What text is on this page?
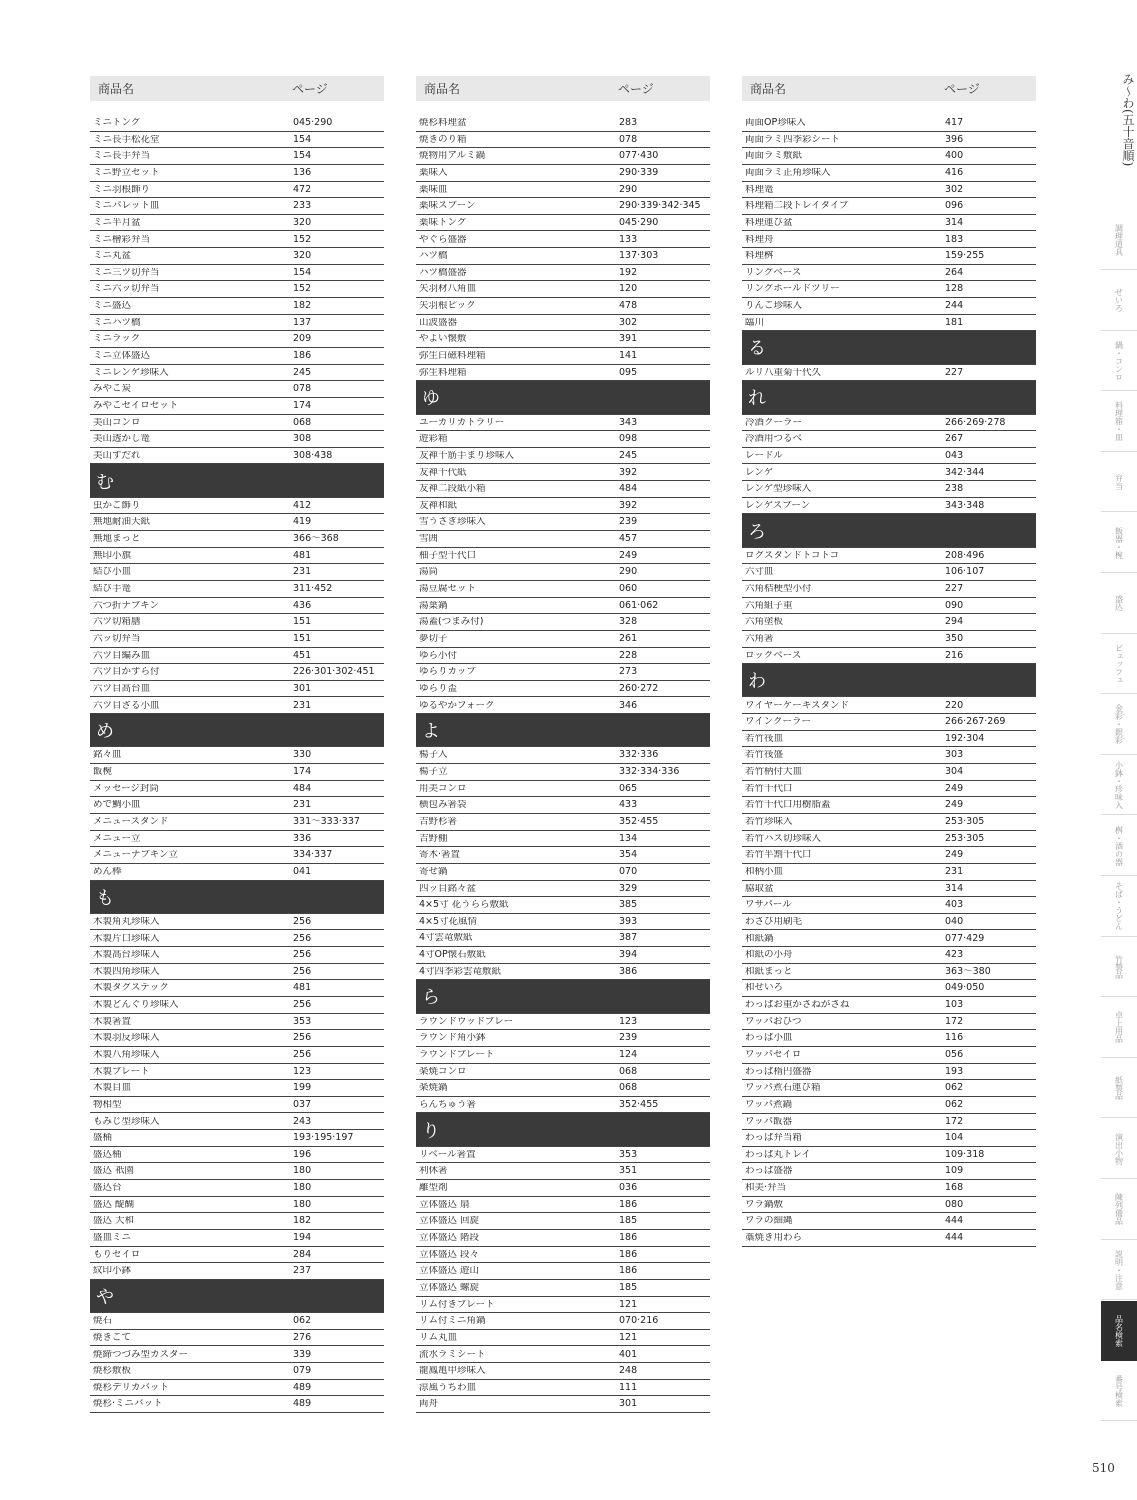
商品名	ページ
ミニトング	045·290
ミニ長手松花堂	154
ミニ長手弁当	154
ミニ野立セット	136
ミニ羽根飾り	472
ミニパレット皿	233
ミニ半月盆	320
ミニ檜彩弁当	152
ミニ丸盆	320
ミニ三ツ切弁当	154
ミニ六ッ切弁当	152
ミニ盛込	182
ミニハツ橋	137
ミニラック	209
ミニ立体盛込	186
ミニレンゲ珍味入	245
みやこ炭	078
みやこセイロセット	174
美山コンロ	068
美山透かし篭	308
美山すだれ	308·438
む
虫かご飾り	412
無地耐油天紙	419
無地まっと	366〜368
無印小旗	481
結び小皿	231
結び手篭	311·452
六つ折ナプキン	436
六ツ切箱膳	151
六ッ切弁当	151
六ツ目編み皿	451
六ツ目かずら付	226·301·302·451
六ツ目高台皿	301
六ツ目ざる小皿	231
め
銘々皿	330
飯椀	174
メッセージ封筒	484
めで鯛小皿	231
メニュースタンド	331〜333·337
メニュー立	336
メニューナプキン立	334·337
めん棒	041
も
木製角丸珍味入	256
木製片口珍味入	256
木製高台珍味入	256
木製四角珍味入	256
木製タグステック	481
木製どんぐり珍味入	256
木製箸置	353
木製羽反珍味入	256
木製八角珍味入	256
木製プレート	123
木製目皿	199
物相型	037
もみじ型珍味入	243
盛桶	193·195·197
盛込桶	196
盛込 祇園	180
盛込台	180
盛込 醍醐	180
盛込 大和	182
盛皿ミニ	194
もりセイロ	284
紋印小鉢	237
や
焼石	062
焼きごて	276
焼締つづみ型カスター	339
焼杉敷板	079
焼杉デリカバット	489
焼杉·ミニバット	489
商品名	ページ
焼杉料理盆	283
焼きのり箱	078
焼物用アルミ鍋	077·430
薬味入	290·339
薬味皿	290
薬味スプーン	290·339·342·345
薬味トング	045·290
やぐら盛器	133
ハツ橋	137·303
ハツ橋盛器	192
矢羽材八角皿	120
矢羽根ピック	478
山波盛器	302
やよい懐敷	391
弥生白磁料理箱	141
弥生料理箱	095
ゆ
ユーカリカトラリー	343
遊彩箱	098
友禅千筋手まり珍味入	245
友禅千代紙	392
友禅二段紙小箱	484
友禅和紙	392
雪うさぎ珍味入	239
雪囲	457
柚子型千代口	249
湯筒	290
湯豆腐セット	060
湯葉鍋	061·062
湯蓋(つまみ付)	328
夢切子	261
ゆら小付	228
ゆらりカップ	273
ゆらり盃	260·272
ゆるやかフォーク	346
よ
楊子入	332·336
楊子立	332·334·336
用美コンロ	065
横包み箸袋	433
吉野杉箸	352·455
吉野棚	134
寄木·箸置	354
寄せ鍋	070
四ッ目銘々盆	329
4×5寸 花うらら敷紙	385
4×5寸花風情	393
4寸雲竜敷紙	387
4寸OP懐石敷紙	394
4寸四季彩雲竜敷紙	386
ら
ラウンドウッドプレー	123
ラウンド角小鉢	239
ラウンドプレート	124
楽焼コンロ	068
楽焼鍋	068
らんちゅう箸	352·455
り
リベール箸置	353
利休箸	351
離型剤	036
立体盛込 扇	186
立体盛込 回旋	185
立体盛込 階段	186
立体盛込 段々	186
立体盛込 遊山	186
立体盛込 螺旋	185
リム付きプレート	121
リム付ミニ角鍋	070·216
リム丸皿	121
流水ラミシート	401
龍鳳亀甲珍味入	248
涼風うちわ皿	111
両舟	301
商品名	ページ
両面OP珍味入	417
両面ラミ四季彩シート	396
両面ラミ敷紙	400
両面ラミ正角珍味入	416
料理篭	302
料理箱二段トレイタイプ	096
料理運び盆	314
料理舟	183
料理桝	159·255
リングベース	264
リングホールドツリー	128
りんご珍味入	244
臨川	181
る
ルリ八重菊千代久	227
れ
冷酒クーラー	266·269·278
冷酒用つるべ	267
レードル	043
レンゲ	342·344
レンゲ型珍味入	238
レンゲスプーン	343·348
ろ
ログスタンドトコトコ	208·496
六寸皿	106·107
六角桔梗型小付	227
六角組子重	090
六角塗板	294
六角箸	350
ロックベース	216
わ
ワイヤーケーキスタンド	220
ワインクーラー	266·267·269
若竹筏皿	192·304
若竹筏盛	303
若竹柄付大皿	304
若竹千代口	249
若竹千代口用樹脂蓋	249
若竹珍味入	253·305
若竹ハス切珍味入	253·305
若竹半割千代口	249
和柄小皿	231
脇取盆	314
ワサパール	403
わさび用刷毛	040
和紙鍋	077·429
和紙の小舟	423
和紙まっと	363〜380
和せいろ	049·050
わっぱお重かさねがさね	103
ワッパおひつ	172
わっぱ小皿	116
ワッパセイロ	056
わっぱ楕円盛器	193
ワッパ煮石運び箱	062
ワッパ煮鍋	062
ワッパ飯器	172
わっぱ弁当箱	104
わっぱ丸トレイ	109·318
わっぱ盛器	109
和美·弁当	168
ワラ鍋敷	080
ワラの細縄	444
藁焼き用わら	444
み〜わ(五十音順)
調理道具
せいろ
鍋・コンロ
料理箱・皿
弁当
飯器・椀
盛込
ビュッフェ
金彩・銀彩
小鉢・珍味入
桝・酒の器
そば・うどん
竹製品
卓上用品
紙製品
演出小物
陳列備品
説明・注意
品名検索
番号検索
510
